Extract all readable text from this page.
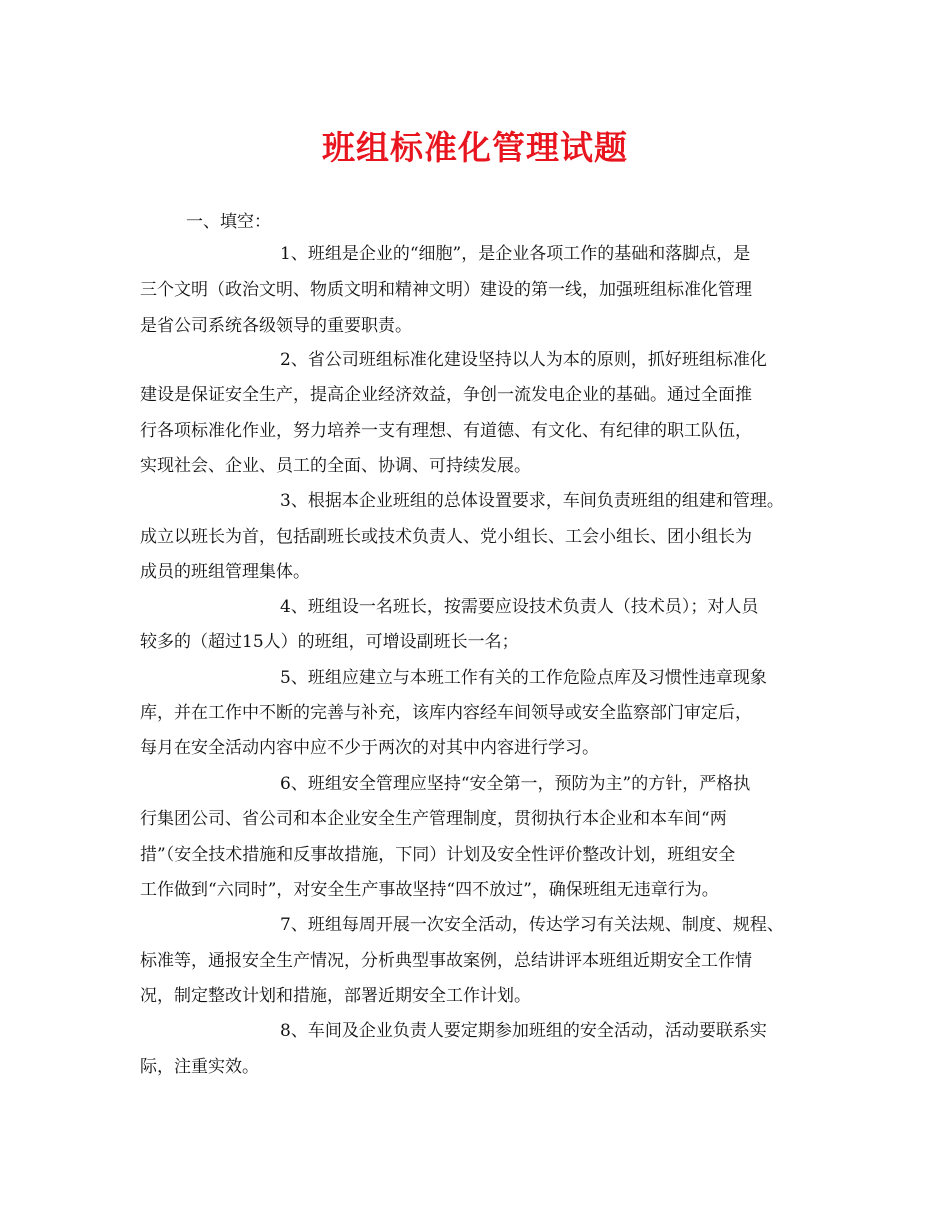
班组标准化管理试题

一、填空：

1、班组是企业的“细胞”，是企业各项工作的基础和落脚点，是

三个文明（政治文明、物质文明和精神文明）建设的第一线，加强班组标准化管理

是省公司系统各级领导的重要职责。

2、省公司班组标准化建设坚持以人为本的原则，抓好班组标准化

建设是保证安全生产，提高企业经济效益，争创一流发电企业的基础。通过全面推

行各项标准化作业，努力培养一支有理想、有道德、有文化、有纪律的职工队伍，

实现社会、企业、员工的全面、协调、可持续发展。

3、根据本企业班组的总体设置要求，车间负责班组的组建和管理。

成立以班长为首，包括副班长或技术负责人、党小组长、工会小组长、团小组长为

成员的班组管理集体。

4、班组设一名班长，按需要应设技术负责人（技术员）；对人员

较多的（超过15人）的班组，可增设副班长一名；

5、班组应建立与本班工作有关的工作危险点库及习惯性违章现象

库，并在工作中不断的完善与补充，该库内容经车间领导或安全监察部门审定后，

每月在安全活动内容中应不少于两次的对其中内容进行学习。

6、班组安全管理应坚持“安全第一，预防为主”的方针，严格执

行集团公司、省公司和本企业安全生产管理制度，贯彻执行本企业和本车间“两

措”（安全技术措施和反事故措施，下同）计划及安全性评价整改计划，班组安全

工作做到“六同时”，对安全生产事故坚持“四不放过”，确保班组无违章行为。

7、班组每周开展一次安全活动，传达学习有关法规、制度、规程、

标准等，通报安全生产情况，分析典型事故案例，总结讲评本班组近期安全工作情

况，制定整改计划和措施，部署近期安全工作计划。

8、车间及企业负责人要定期参加班组的安全活动，活动要联系实

际，注重实效。
